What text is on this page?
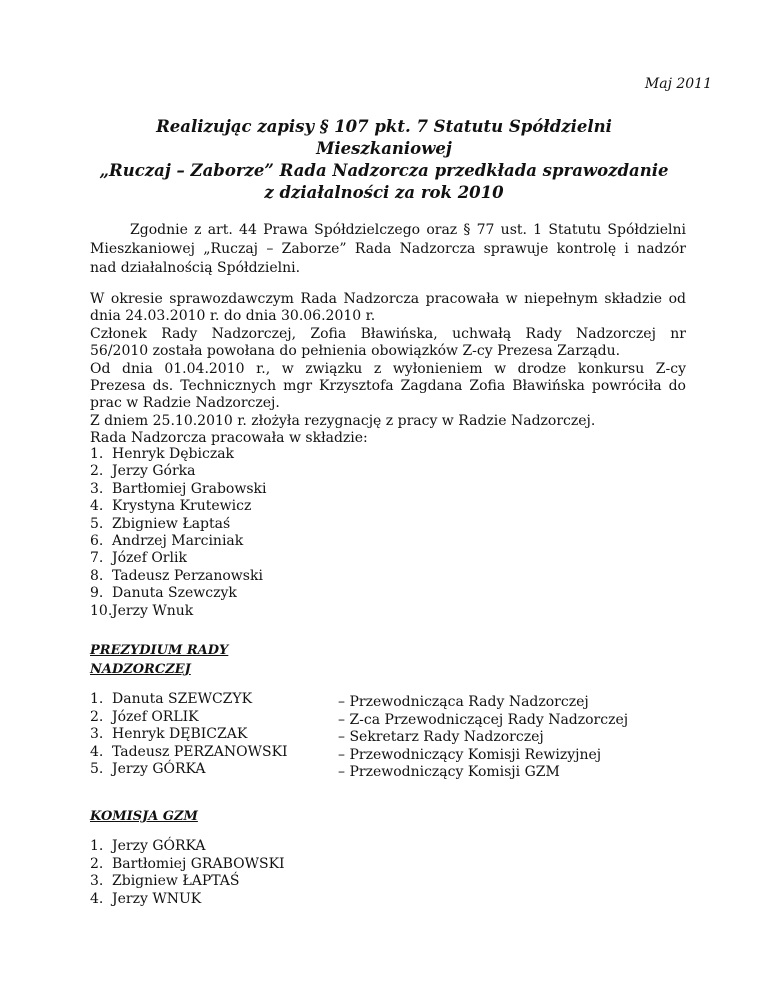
Maj 2011
Realizując zapisy § 107 pkt. 7 Statutu Spółdzielni
Mieszkaniowej
„Ruczaj – Zaborze” Rada Nadzorcza przedkłada sprawozdanie
z działalności za rok 2010
Zgodnie z art. 44 Prawa Spółdzielczego oraz § 77 ust. 1 Statutu Spółdzielni
Mieszkaniowej „Ruczaj – Zaborze” Rada Nadzorcza sprawuje kontrolę i nadzór
nad działalnością Spółdzielni.
W okresie sprawozdawczym Rada Nadzorcza pracowała w niepełnym składzie od
dnia 24.03.2010 r. do dnia 30.06.2010 r.
Członek Rady Nadzorczej, Zofia Bławińska, uchwałą Rady Nadzorczej nr
56/2010 została powołana do pełnienia obowiązków Z-cy Prezesa Zarządu.
Od dnia 01.04.2010 r., w związku z wyłonieniem w drodze konkursu Z-cy
Prezesa ds. Technicznych mgr Krzysztofa Zagdana Zofia Bławińska powróciła do
prac w Radzie Nadzorczej.
Z dniem 25.10.2010 r. złożyła rezygnację z pracy w Radzie Nadzorczej.
Rada Nadzorcza pracowała w składzie:
1. Henryk Dębiczak
2. Jerzy Górka
3. Bartłomiej Grabowski
4. Krystyna Krutewicz
5. Zbigniew Łaptaś
6. Andrzej Marciniak
7. Józef Orlik
8. Tadeusz Perzanowski
9. Danuta Szewczyk
10.Jerzy Wnuk
PREZYDIUM RADY NADZORCZEJ
1. Danuta SZEWCZYK
2. Józef ORLIK
3. Henryk DĘBICZAK
4. Tadeusz PERZANOWSKI
5. Jerzy GÓRKA
– Przewodnicząca Rady Nadzorczej
– Z-ca Przewodniczącej Rady Nadzorczej
– Sekretarz Rady Nadzorczej
– Przewodniczący Komisji Rewizyjnej
– Przewodniczący Komisji GZM
KOMISJA GZM
1. Jerzy GÓRKA
2. Bartłomiej GRABOWSKI
3. Zbigniew ŁAPTAŚ
4. Jerzy WNUK
